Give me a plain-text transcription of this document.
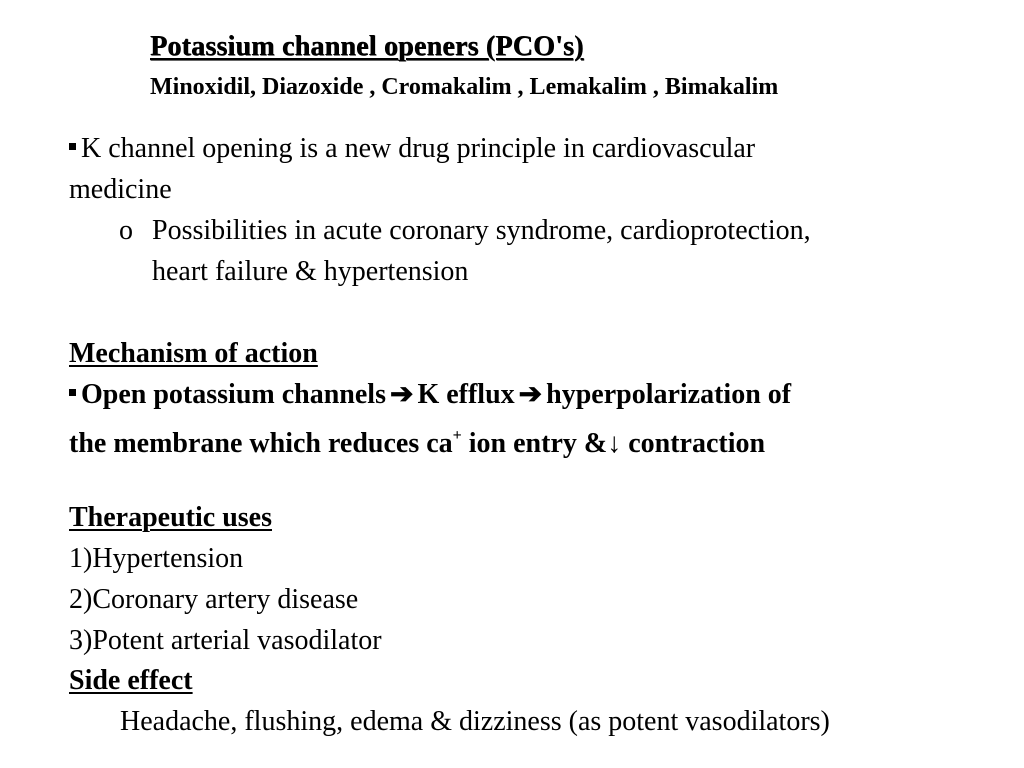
Potassium channel openers (PCO's)
Minoxidil, Diazoxide , Cromakalim , Lemakalim , Bimakalim
K channel opening is a new drug principle in cardiovascular
medicine
o Possibilities in acute coronary syndrome, cardioprotection,
heart failure & hypertension
Mechanism of action
Open potassium channels ➔ K efflux ➔ hyperpolarization of
the membrane which reduces ca+ ion entry &↓ contraction
Therapeutic uses
1)Hypertension
2)Coronary artery disease
3)Potent arterial vasodilator
Side effect
Headache, flushing, edema & dizziness (as potent vasodilators)
